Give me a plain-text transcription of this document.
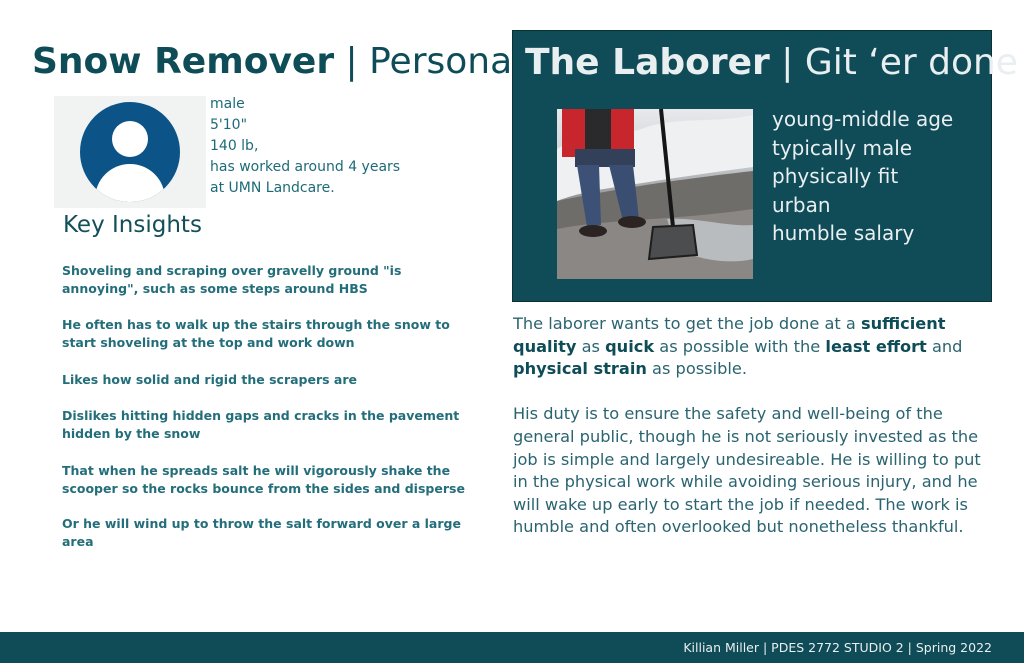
Snow Remover | Persona
male
5'10"
140 lb,
has worked around 4 years
at UMN Landcare.
Key Insights
Shoveling and scraping over gravelly ground "is annoying", such as some steps around HBS
He often has to walk up the stairs through the snow to start shoveling at the top and work down
Likes how solid and rigid the scrapers are
Dislikes hitting hidden gaps and cracks in the pavement hidden by the snow
That when he spreads salt he will vigorously shake the scooper so the rocks bounce from the sides and disperse
Or he will wind up to throw the salt forward over a large area
The Laborer | Git ‘er done
young-middle age
typically male
physically fit
urban
humble salary

The laborer wants to get the job done at a sufficient quality as quick as possible with the least effort and physical strain as possible.

His duty is to ensure the safety and well-being of the general public, though he is not seriously invested as the job is simple and largely undesireable. He is willing to put in the physical work while avoiding serious injury, and he will wake up early to start the job if needed. The work is humble and often overlooked but nonetheless thankful.

Killian Miller | PDES 2772 STUDIO 2 | Spring 2022
